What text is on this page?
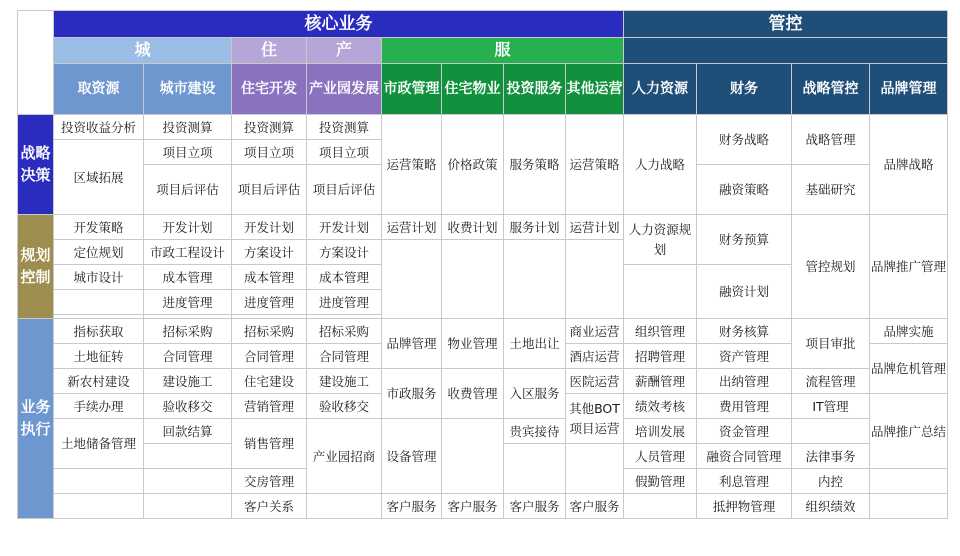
	核心业务								管控			
	城		住	产	服							
	取资源	城市建设	住宅开发	产业园发展	市政管理	住宅物业	投资服务	其他运营	人力资源	财务	战略管控	品牌管理
战略决策	投资收益分析	投资测算	投资测算	投资测算	运营策略	价格政策	服务策略	运营策略	人力战略	财务战略	战略管理	品牌战略
	区域拓展	项目立项	项目立项	项目立项								
		项目后评估	项目后评估	项目后评估						融资策略	基础研究	

规划控制	开发策略	开发计划	开发计划	开发计划	运营计划	收费计划	服务计划	运营计划	人力资源规划	财务预算	管控规划	品牌推广管理
	定位规划	市政工程设计	方案设计	方案设计								
	城市设计	成本管理	成本管理	成本管理						融资计划		
		进度管理	进度管理	进度管理								

业务执行	指标获取	招标采购	招标采购	招标采购	品牌管理	物业管理	土地出让	商业运营	组织管理	财务核算	项目审批	品牌实施
	土地征转	合同管理	合同管理	合同管理				酒店运营	招聘管理	资产管理		品牌危机管理
	新农村建设	建设施工	住宅建设	建设施工	市政服务	收费管理	入区服务	医院运营	薪酬管理	出纳管理	流程管理	
	手续办理	验收移交	营销管理	验收移交				其他BOT项目运营	绩效考核	费用管理	IT管理	品牌推广总结
	土地储备管理	回款结算	销售管理	产业园招商	设备管理		贵宾接待		培训发展	资金管理		
									人员管理	融资合同管理	法律事务	
			交房管理						假勤管理	利息管理	内控	
			客户关系		客户服务	客户服务	客户服务	客户服务		抵押物管理	组织绩效	
